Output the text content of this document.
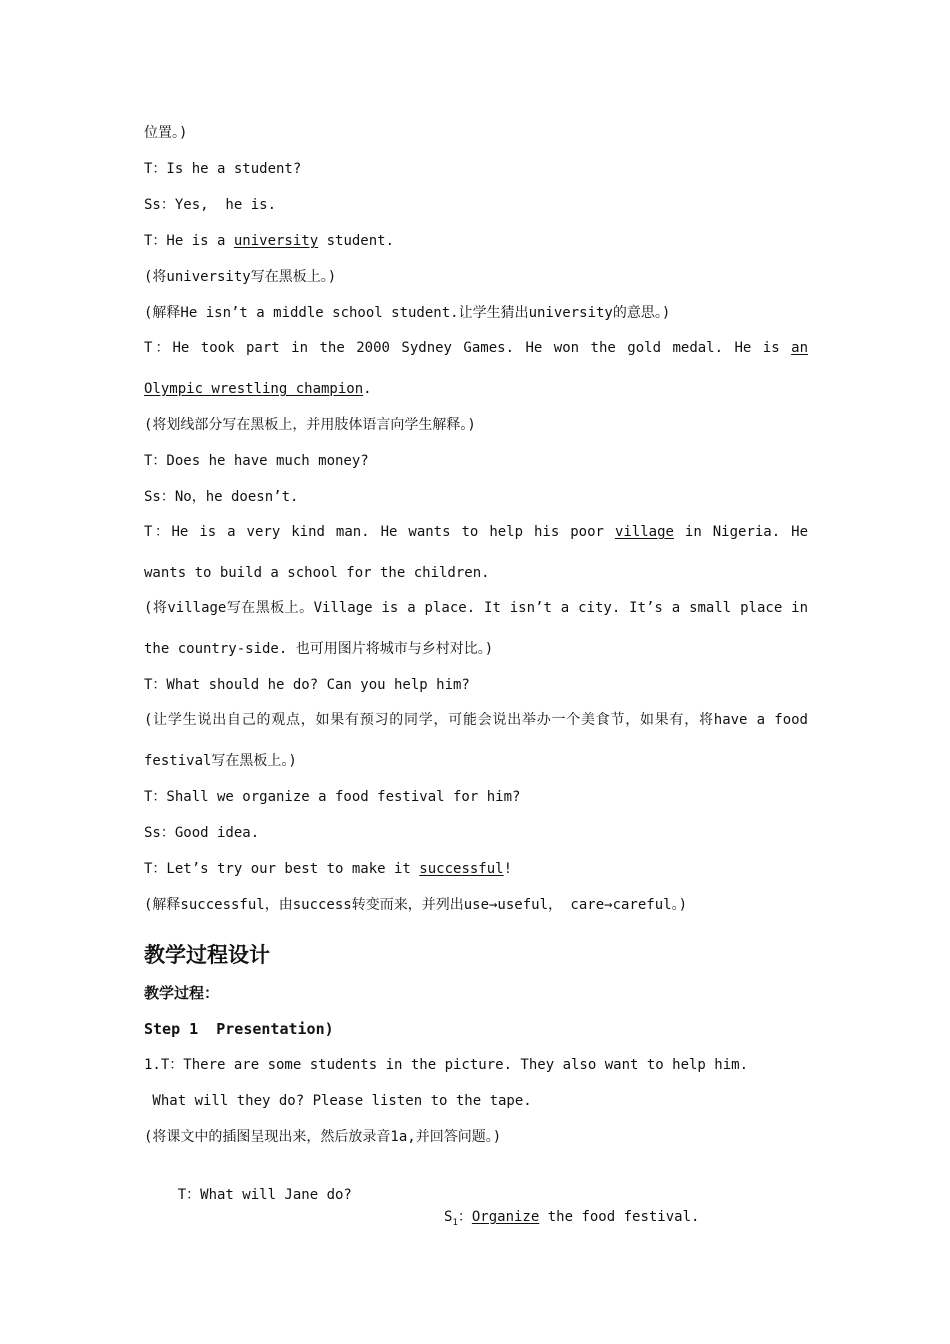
位置。)
T：Is he a student?
Ss：Yes,  he is.
T：He is a university student.
(将university写在黑板上。)
(解释He isn’t a middle school student.让学生猜出university的意思。)
T：He took part in the 2000 Sydney Games. He won the gold medal. He is an Olympic wrestling champion.
(将划线部分写在黑板上，并用肢体语言向学生解释。)
T：Does he have much money?
Ss：No，he doesn’t.
T：He is a very kind man. He wants to help his poor village in Nigeria. He wants to build a school for the children.
(将village写在黑板上。Village is a place. It isn’t a city. It’s a small place in the country-side. 也可用图片将城市与乡村对比。)
T：What should he do? Can you help him?
(让学生说出自己的观点，如果有预习的同学，可能会说出举办一个美食节，如果有，将have a food festival写在黑板上。)
T：Shall we organize a food festival for him?
Ss：Good idea.
T：Let’s try our best to make it successful!
(解释successful，由success转变而来，并列出use→useful， care→careful。)
教学过程设计
教学过程：
Step 1  Presentation)
1.T：There are some students in the picture. They also want to help him.
What will they do? Please listen to the tape.
(将课文中的插图呈现出来，然后放录音1a,并回答问题。)

T：What will Jane do?

$S_1$：Organize the food festival.
